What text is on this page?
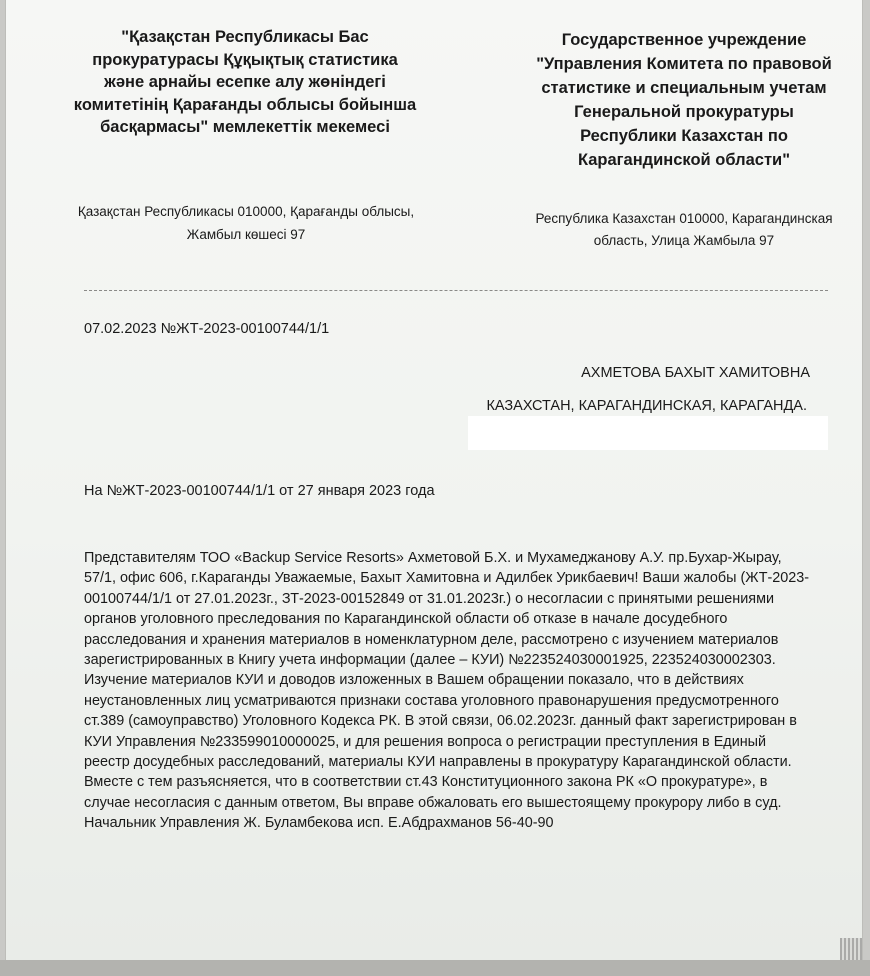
"Қазақстан Республикасы Бас прокуратурасы Құқықтық статистика және арнайы есепке алу жөніндегі комитетінің Қарағанды облысы бойынша басқармасы" мемлекеттік мекемесі
Государственное учреждение "Управления Комитета по правовой статистике и специальным учетам Генеральной прокуратуры Республики Казахстан по Карагандинской области"
Қазақстан Республикасы 010000, Қарағанды облысы, Жамбыл көшесі 97
Республика Казахстан 010000, Карагандинская область, Улица Жамбыла 97
07.02.2023 №ЖТ-2023-00100744/1/1
АХМЕТОВА БАХЫТ ХАМИТОВНА
КАЗАХСТАН, КАРАГАНДИНСКАЯ, КАРАГАНДА.
На №ЖТ-2023-00100744/1/1 от 27 января 2023 года
Представителям ТОО «Backup Service Resorts» Ахметовой Б.Х. и Мухамеджанову А.У. пр.Бухар-Жырау, 57/1, офис 606, г.Караганды Уважаемые, Бахыт Хамитовна и Адилбек Урикбаевич! Ваши жалобы (ЖТ-2023-00100744/1/1 от 27.01.2023г., ЗТ-2023-00152849 от 31.01.2023г.) о несогласии с принятыми решениями органов уголовного преследования по Карагандинской области об отказе в начале досудебного расследования и хранения материалов в номенклатурном деле, рассмотрено с изучением материалов зарегистрированных в Книгу учета информации (далее – КУИ) №223524030001925, 223524030002303. Изучение материалов КУИ и доводов изложенных в Вашем обращении показало, что в действиях неустановленных лиц усматриваются признаки состава уголовного правонарушения предусмотренного ст.389 (самоуправство) Уголовного Кодекса РК. В этой связи, 06.02.2023г. данный факт зарегистрирован в КУИ Управления №233599010000025, и для решения вопроса о регистрации преступления в Единый реестр досудебных расследований, материалы КУИ направлены в прокуратуру Карагандинской области. Вместе с тем разъясняется, что в соответствии ст.43 Конституционного закона РК «О прокуратуре», в случае несогласия с данным ответом, Вы вправе обжаловать его вышестоящему прокурору либо в суд. Начальник Управления Ж. Буламбекова исп. Е.Абдрахманов 56-40-90
